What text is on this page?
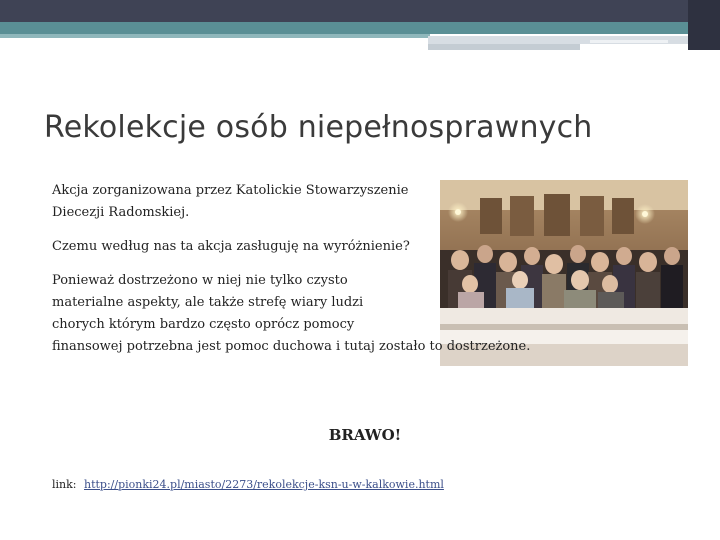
Rekolekcje osób niepełnosprawnych

Akcja zorganizowana przez Katolickie Stowarzyszenie Diecezji Radomskiej.

Czemu według nas ta akcja zasługuję na wyróżnienie?

Ponieważ dostrzeżono w niej nie tylko czysto
materialne aspekty, ale także strefę wiary ludzi
chorych którym bardzo często oprócz pomocy
finansowej potrzebna jest pomoc duchowa i tutaj zostało to dostrzeżone.

BRAWO!
link: http://pionki24.pl/miasto/2273/rekolekcje-ksn-u-w-kalkowie.html
